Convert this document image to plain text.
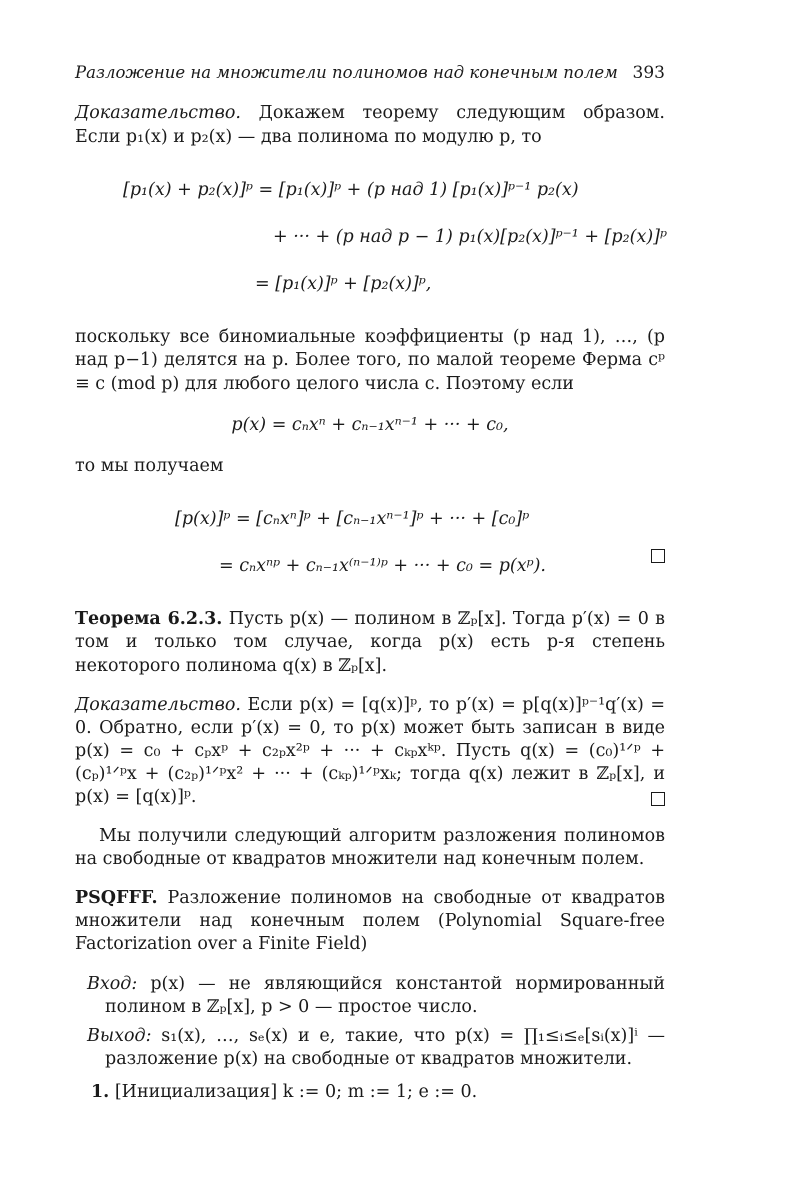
Разложение на множители полиномов над конечным полем 393

Доказательство. Докажем теорему следующим образом. Если p₁(x) и p₂(x) — два полинома по модулю p, то

[p₁(x) + p₂(x)]ᵖ = [p₁(x)]ᵖ + (p над 1) [p₁(x)]ᵖ⁻¹ p₂(x)
+ ··· + (p над p − 1) p₁(x)[p₂(x)]ᵖ⁻¹ + [p₂(x)]ᵖ
= [p₁(x)]ᵖ + [p₂(x)]ᵖ,

поскольку все биномиальные коэффициенты (p над 1), …, (p над p−1) делятся на p. Более того, по малой теореме Ферма cᵖ ≡ c (mod p) для любого целого числа c. Поэтому если

p(x) = cₙxⁿ + cₙ₋₁xⁿ⁻¹ + ··· + c₀,

то мы получаем

[p(x)]ᵖ = [cₙxⁿ]ᵖ + [cₙ₋₁xⁿ⁻¹]ᵖ + ··· + [c₀]ᵖ
= cₙxⁿᵖ + cₙ₋₁x⁽ⁿ⁻¹⁾ᵖ + ··· + c₀ = p(xᵖ).

Теорема 6.2.3. Пусть p(x) — полином в ℤₚ[x]. Тогда p′(x) = 0 в том и только том случае, когда p(x) есть p-я степень некоторого полинома q(x) в ℤₚ[x].

Доказательство. Если p(x) = [q(x)]ᵖ, то p′(x) = p[q(x)]ᵖ⁻¹q′(x) = 0. Обратно, если p′(x) = 0, то p(x) может быть записан в виде p(x) = c₀ + cₚxᵖ + c₂ₚx²ᵖ + ··· + cₖₚxᵏᵖ. Пусть q(x) = (c₀)¹ᐟᵖ + (cₚ)¹ᐟᵖx + (c₂ₚ)¹ᐟᵖx² + ··· + (cₖₚ)¹ᐟᵖxₖ; тогда q(x) лежит в ℤₚ[x], и p(x) = [q(x)]ᵖ.

Мы получили следующий алгоритм разложения полиномов на свободные от квадратов множители над конечным полем.

PSQFFF. Разложение полиномов на свободные от квадратов множители над конечным полем (Polynomial Square-free Factorization over a Finite Field)

Вход: p(x) — не являющийся константой нормированный полином в ℤₚ[x], p > 0 — простое число.

Выход: s₁(x), …, sₑ(x) и e, такие, что p(x) = ∏₁≤ᵢ≤ₑ[sᵢ(x)]ⁱ — разложение p(x) на свободные от квадратов множители.

1. [Инициализация] k := 0; m := 1; e := 0.
